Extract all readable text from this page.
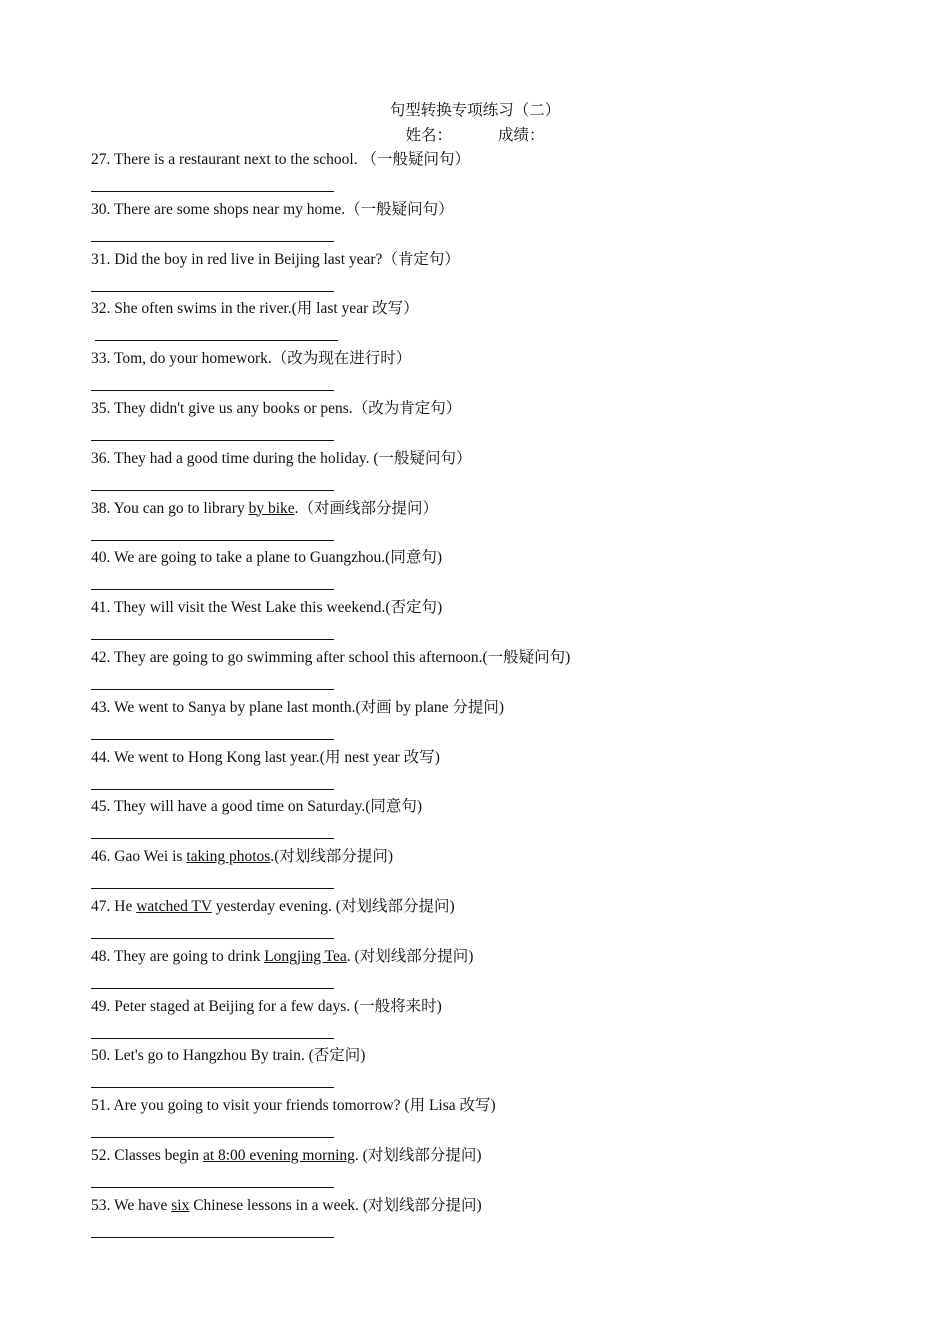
句型转换专项练习（二）
姓名：	成绩：
27. There is a restaurant next to the school. （一般疑问句）
30. There are some shops near my home.（一般疑问句）
31. Did the boy in red live in Beijing last year?（肯定句）
32. She often swims in the river.(用 last year 改写）
33. Tom, do your homework.（改为现在进行时）
35. They didn't give us any books or pens.（改为肯定句）
36. They had a good time during the holiday. (一般疑问句）
38. You can go to library by bike.（对画线部分提问）
40. We are going to take a plane to Guangzhou.(同意句)
41. They will visit the West Lake this weekend.(否定句)
42. They are going to go swimming after school this afternoon.(一般疑问句)
43. We went to Sanya by plane last month.(对画 by plane 分提问)
44. We went to Hong Kong last year.(用 nest year 改写)
45. They will have a good time on Saturday.(同意句)
46. Gao Wei is taking photos.(对划线部分提问)
47. He watched TV yesterday evening. (对划线部分提问)
48. They are going to drink Longjing Tea. (对划线部分提问)
49. Peter staged at Beijing for a few days. (一般将来时)
50. Let's go to Hangzhou By train. (否定问)
51. Are you going to visit your friends tomorrow? (用 Lisa 改写)
52. Classes begin at 8:00 evening morning. (对划线部分提问)
53. We have six Chinese lessons in a week. (对划线部分提问)
